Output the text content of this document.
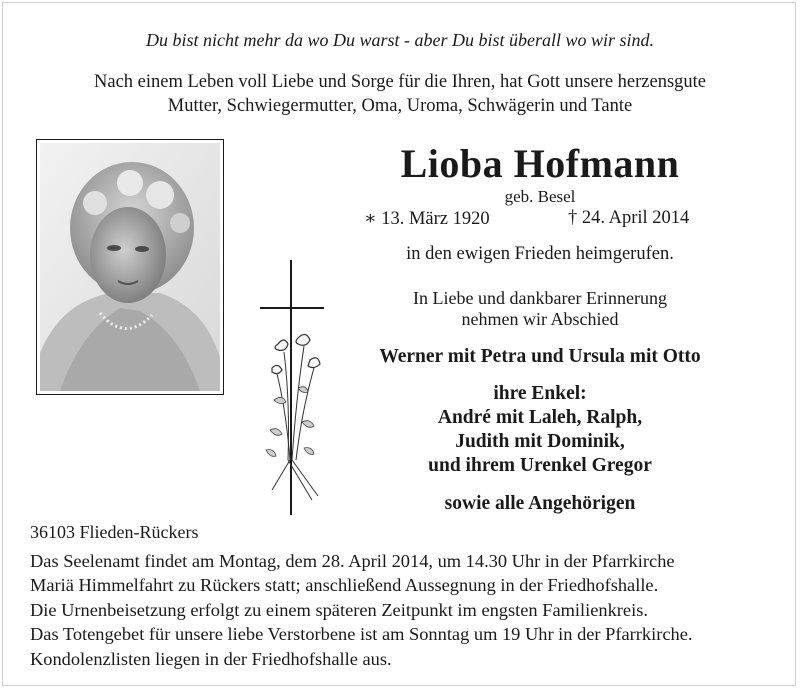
Du bist nicht mehr da wo Du warst - aber Du bist überall wo wir sind.
Nach einem Leben voll Liebe und Sorge für die Ihren, hat Gott unsere herzensgute
Mutter, Schwiegermutter, Oma, Uroma, Schwägerin und Tante
Lioba Hofmann
geb. Besel
∗ 13. März 1920	† 24. April 2014
in den ewigen Frieden heimgerufen.
In Liebe und dankbarer Erinnerung
nehmen wir Abschied
Werner mit Petra und Ursula mit Otto
ihre Enkel:
André mit Laleh, Ralph,
Judith mit Dominik,
und ihrem Urenkel Gregor
sowie alle Angehörigen
36103 Flieden-Rückers
Das Seelenamt findet am Montag, dem 28. April 2014, um 14.30 Uhr in der Pfarrkirche
Mariä Himmelfahrt zu Rückers statt; anschließend Aussegnung in der Friedhofshalle.
Die Urnenbeisetzung erfolgt zu einem späteren Zeitpunkt im engsten Familienkreis.
Das Totengebet für unsere liebe Verstorbene ist am Sonntag um 19 Uhr in der Pfarrkirche.
Kondolenzlisten liegen in der Friedhofshalle aus.
